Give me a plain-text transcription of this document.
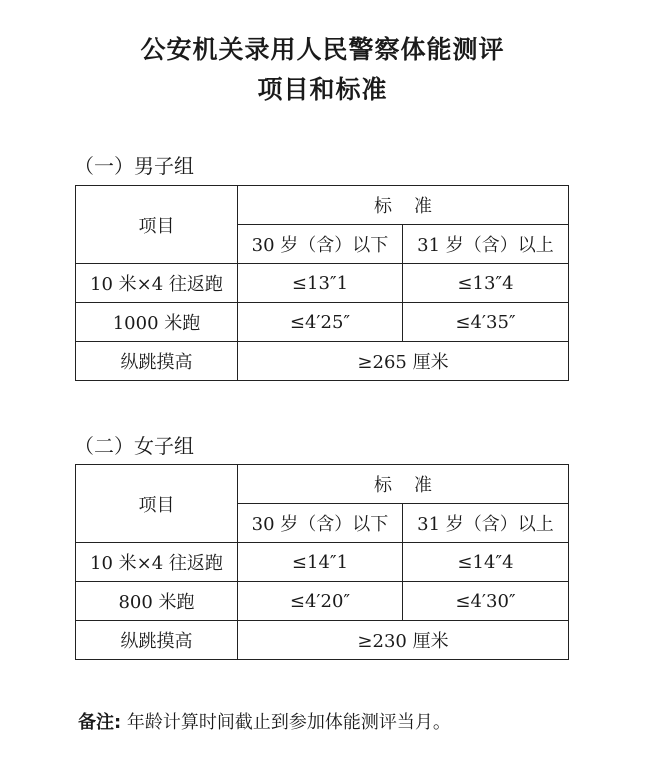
公安机关录用人民警察体能测评
项目和标准
（一）男子组
项目	标准	
	30 岁（含）以下	31 岁（含）以上
10 米×4 往返跑	≤13″1	≤13″4
1000 米跑	≤4′25″	≤4′35″
纵跳摸高	≥265 厘米	
（二）女子组
项目	标准	
	30 岁（含）以下	31 岁（含）以上
10 米×4 往返跑	≤14″1	≤14″4
800 米跑	≤4′20″	≤4′30″
纵跳摸高	≥230 厘米	
备注: 年龄计算时间截止到参加体能测评当月。
